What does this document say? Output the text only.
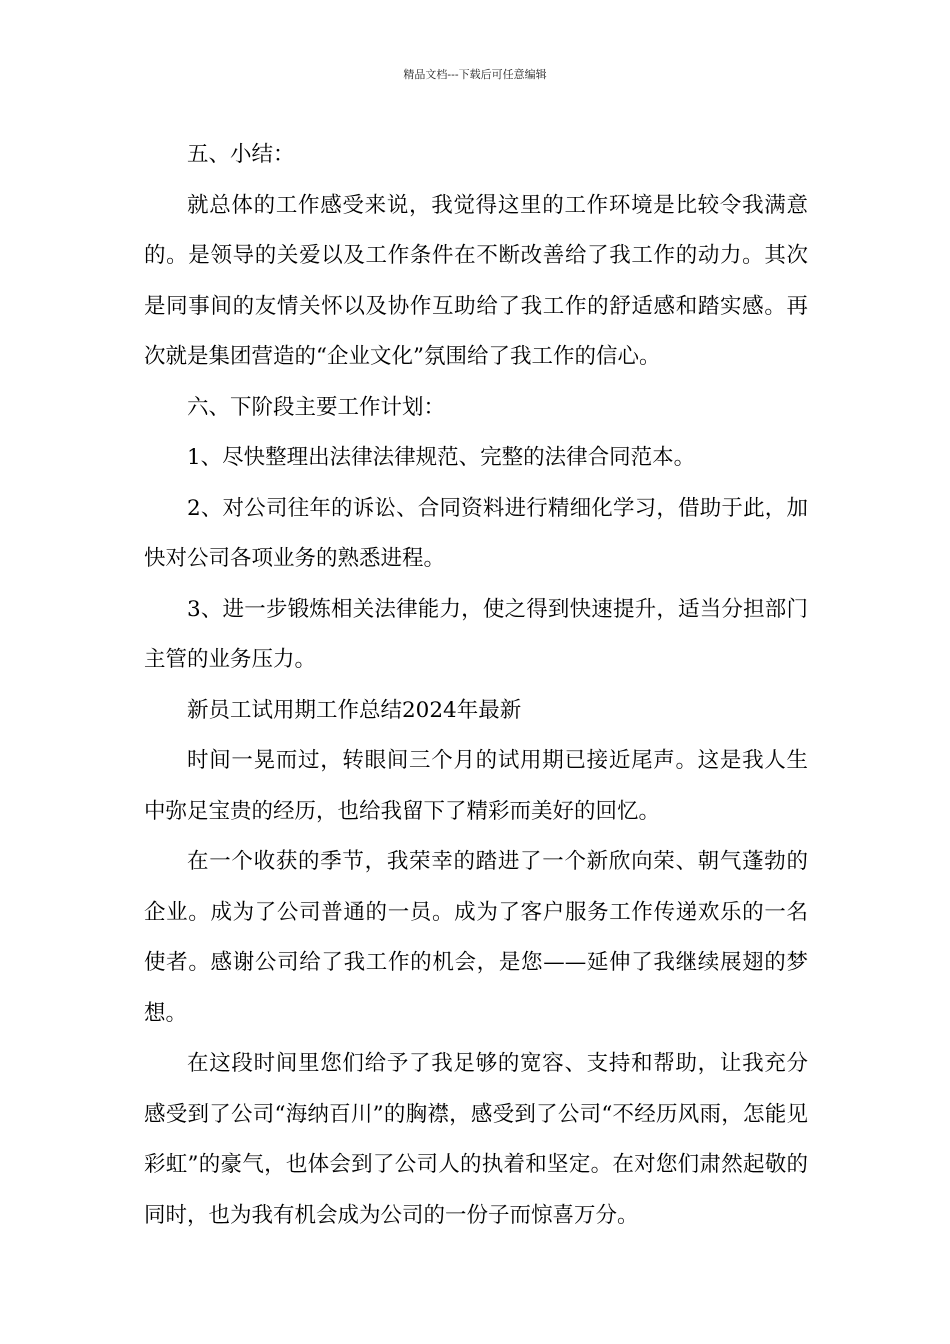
精品文档---下载后可任意编辑

五、小结：

就总体的工作感受来说，我觉得这里的工作环境是比较令我满意的。是领导的关爱以及工作条件在不断改善给了我工作的动力。其次是同事间的友情关怀以及协作互助给了我工作的舒适感和踏实感。再次就是集团营造的“企业文化”氛围给了我工作的信心。

六、下阶段主要工作计划：

1、尽快整理出法律法律规范、完整的法律合同范本。

2、对公司往年的诉讼、合同资料进行精细化学习，借助于此，加快对公司各项业务的熟悉进程。

3、进一步锻炼相关法律能力，使之得到快速提升，适当分担部门主管的业务压力。

新员工试用期工作总结2024年最新

时间一晃而过，转眼间三个月的试用期已接近尾声。这是我人生中弥足宝贵的经历，也给我留下了精彩而美好的回忆。

在一个收获的季节，我荣幸的踏进了一个新欣向荣、朝气蓬勃的企业。成为了公司普通的一员。成为了客户服务工作传递欢乐的一名使者。感谢公司给了我工作的机会，是您——延伸了我继续展翅的梦想。

在这段时间里您们给予了我足够的宽容、支持和帮助，让我充分感受到了公司“海纳百川”的胸襟，感受到了公司“不经历风雨，怎能见彩虹”的豪气，也体会到了公司人的执着和坚定。在对您们肃然起敬的同时，也为我有机会成为公司的一份子而惊喜万分。
